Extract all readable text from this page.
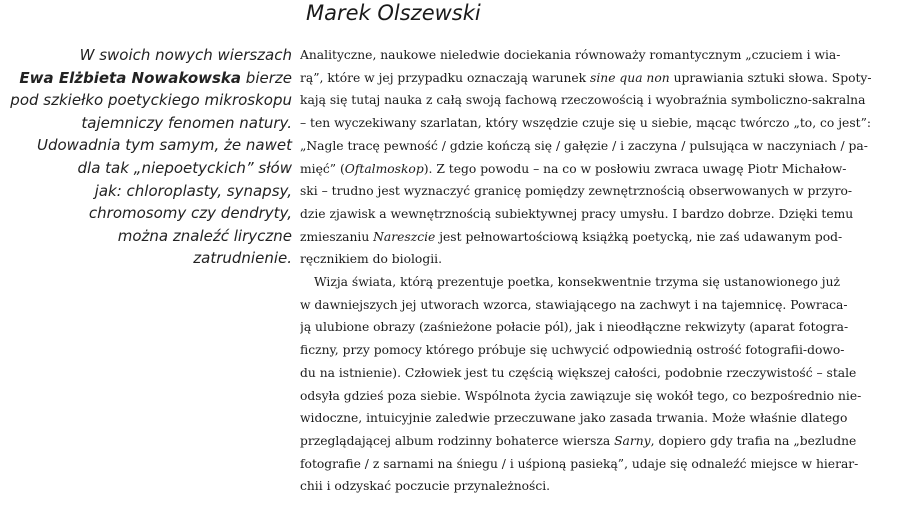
Marek Olszewski
W swoich nowych wierszach
Ewa Elżbieta Nowakowska bierze
pod szkiełko poetyckiego mikroskopu
tajemniczy fenomen natury.
Udowadnia tym samym, że nawet
dla tak „niepoetyckich” słów
jak: chloroplasty, synapsy,
chromosomy czy dendryty,
można znaleźć liryczne
zatrudnienie.
Analityczne, naukowe nieledwie dociekania równoważy romantycznym „czuciem i wia-
rą”, które w jej przypadku oznaczają warunek sine qua non uprawiania sztuki słowa. Spoty-
kają się tutaj nauka z całą swoją fachową rzeczowością i wyobraźnia symboliczno-sakralna
– ten wyczekiwany szarlatan, który wszędzie czuje się u siebie, mącąc twórczo „to, co jest”:
„Nagle tracę pewność / gdzie kończą się / gałęzie / i zaczyna / pulsująca w naczyniach / pa-
mięć” (Oftalmoskop). Z tego powodu – na co w posłowiu zwraca uwagę Piotr Michałow-
ski – trudno jest wyznaczyć granicę pomiędzy zewnętrznością obserwowanych w przyro-
dzie zjawisk a wewnętrznością subiektywnej pracy umysłu. I bardzo dobrze. Dzięki temu
zmieszaniu Nareszcie jest pełnowartościową książką poetycką, nie zaś udawanym pod-
ręcznikiem do biologii.
Wizja świata, którą prezentuje poetka, konsekwentnie trzyma się ustanowionego już
w dawniejszych jej utworach wzorca, stawiającego na zachwyt i na tajemnicę. Powraca-
ją ulubione obrazy (zaśnieżone połacie pól), jak i nieodłączne rekwizyty (aparat fotogra-
ficzny, przy pomocy którego próbuje się uchwycić odpowiednią ostrość fotografii-dowo-
du na istnienie). Człowiek jest tu częścią większej całości, podobnie rzeczywistość – stale
odsyła gdzieś poza siebie. Wspólnota życia zawiązuje się wokół tego, co bezpośrednio nie-
widoczne, intuicyjnie zaledwie przeczuwane jako zasada trwania. Może właśnie dlatego
przeglądającej album rodzinny bohaterce wiersza Sarny, dopiero gdy trafia na „bezludne
fotografie / z sarnami na śniegu / i uśpioną pasieką”, udaje się odnaleźć miejsce w hierar-
chii i odzyskać poczucie przynależności.
